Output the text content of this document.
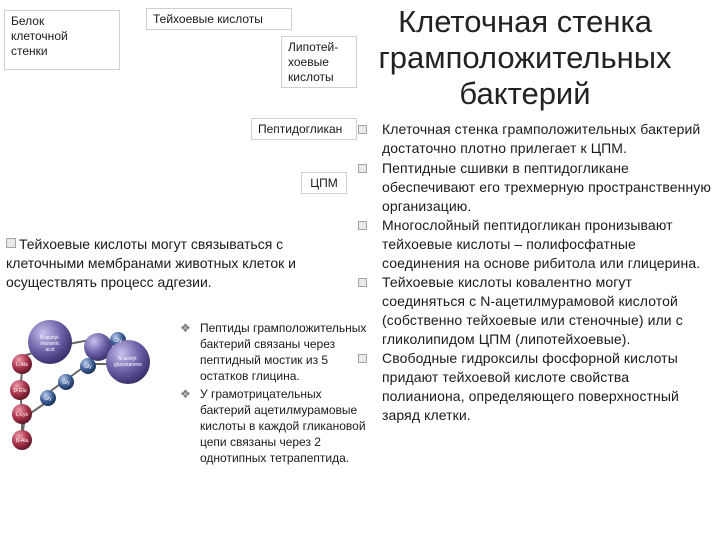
Белок
клеточной
стенки
Тейхоевые кислоты
Липотей-
хоевые
кислоты
Пептидогликан
ЦПМ
Клеточная стенка грамположительных бактерий
Клеточная стенка грамположительных бактерий достаточно плотно прилегает к ЦПМ.
Пептидные сшивки в пептидогликане обеспечивают его трехмерную пространственную организацию.
Многослойный пептидогликан пронизывают тейхоевые кислоты – полифосфатные соединения на основе рибитола или глицерина.
Тейхоевые кислоты ковалентно могут соединяться с N-ацетилмурамовой кислотой (собственно тейхоевые или стеночные) или с гликолипидом ЦПМ (липотейхоевые).
Свободные гидроксилы фосфорной кислоты придают тейхоевой кислоте свойства полианиона, определяющего поверхностный заряд клетки.
Тейхоевые кислоты могут связываться с клеточными мембранами животных клеток и осуществлять процесс адгезии.
N-acetyl-
muramic
acid
N-acetyl-
glucosamine
L-Ala
D-Glu
L-Lys
D-Ala
Gly
Gly
Gly
Gly
❖ Пептиды грамположительных бактерий связаны через пептидный мостик из 5 остатков глицина.
❖ У грамотрицательных бактерий ацетилмурамовые кислоты в каждой гликановой цепи связаны через 2 однотипных тетрапептида.
